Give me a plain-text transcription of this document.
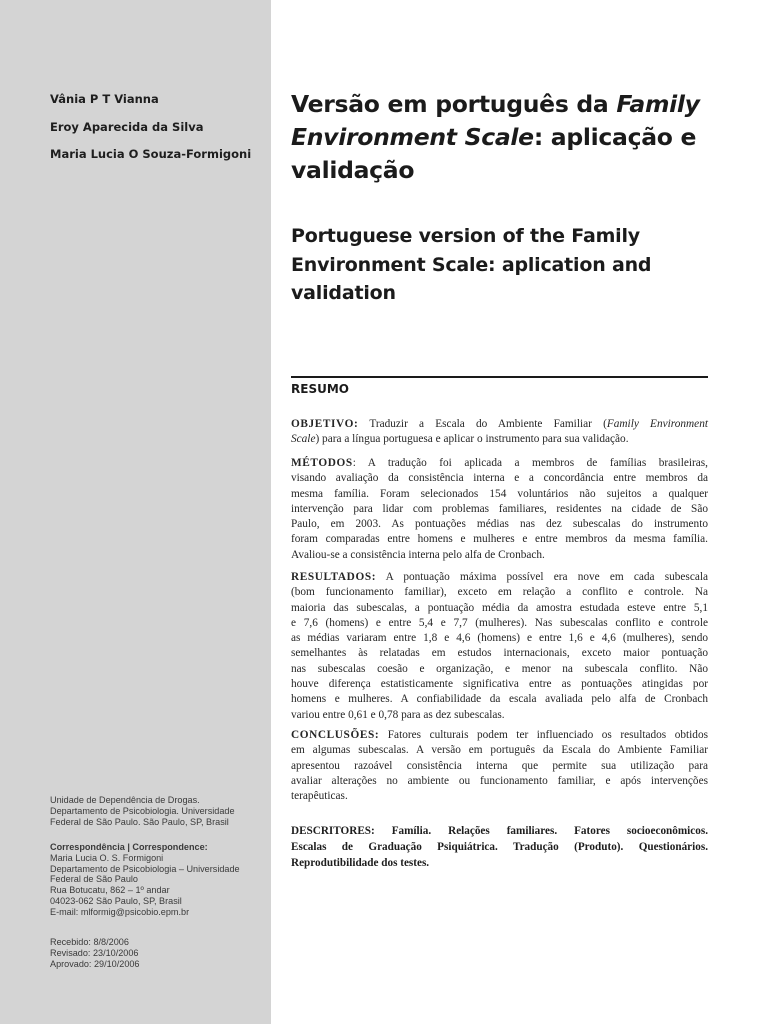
Vânia P T Vianna
Eroy Aparecida da Silva
Maria Lucia O Souza-Formigoni
Unidade de Dependência de Drogas.
Departamento de Psicobiologia. Universidade
Federal de São Paulo. São Paulo, SP, Brasil
Correspondência | Correspondence:
Maria Lucia O. S. Formigoni
Departamento de Psicobiologia – Universidade
Federal de São Paulo
Rua Botucatu, 862 – 1º andar
04023-062 São Paulo, SP, Brasil
E-mail: mlformig@psicobio.epm.br
Recebido: 8/8/2006
Revisado: 23/10/2006
Aprovado: 29/10/2006
Versão em português da Family
Environment Scale: aplicação e
validação
Portuguese version of the Family
Environment Scale: aplication and
validation
RESUMO
OBJETIVO: Traduzir a Escala do Ambiente Familiar (Family Environment
Scale) para a língua portuguesa e aplicar o instrumento para sua validação.
MÉTODOS: A tradução foi aplicada a membros de famílias brasileiras,
visando avaliação da consistência interna e a concordância entre membros da
mesma família. Foram selecionados 154 voluntários não sujeitos a qualquer
intervenção para lidar com problemas familiares, residentes na cidade de São
Paulo, em 2003. As pontuações médias nas dez subescalas do instrumento
foram comparadas entre homens e mulheres e entre membros da mesma família.
Avaliou-se a consistência interna pelo alfa de Cronbach.
RESULTADOS: A pontuação máxima possível era nove em cada subescala
(bom funcionamento familiar), exceto em relação a conflito e controle. Na
maioria das subescalas, a pontuação média da amostra estudada esteve entre 5,1
e 7,6 (homens) e entre 5,4 e 7,7 (mulheres). Nas subescalas conflito e controle
as médias variaram entre 1,8 e 4,6 (homens) e entre 1,6 e 4,6 (mulheres), sendo
semelhantes às relatadas em estudos internacionais, exceto maior pontuação
nas subescalas coesão e organização, e menor na subescala conflito. Não
houve diferença estatisticamente significativa entre as pontuações atingidas por
homens e mulheres. A confiabilidade da escala avaliada pelo alfa de Cronbach
variou entre 0,61 e 0,78 para as dez subescalas.
CONCLUSÕES: Fatores culturais podem ter influenciado os resultados obtidos
em algumas subescalas. A versão em português da Escala do Ambiente Familiar
apresentou razoável consistência interna que permite sua utilização para
avaliar alterações no ambiente ou funcionamento familiar, e após intervenções
terapêuticas.
DESCRITORES: Família. Relações familiares. Fatores socioeconômicos.
Escalas de Graduação Psiquiátrica. Tradução (Produto). Questionários.
Reprodutibilidade dos testes.
